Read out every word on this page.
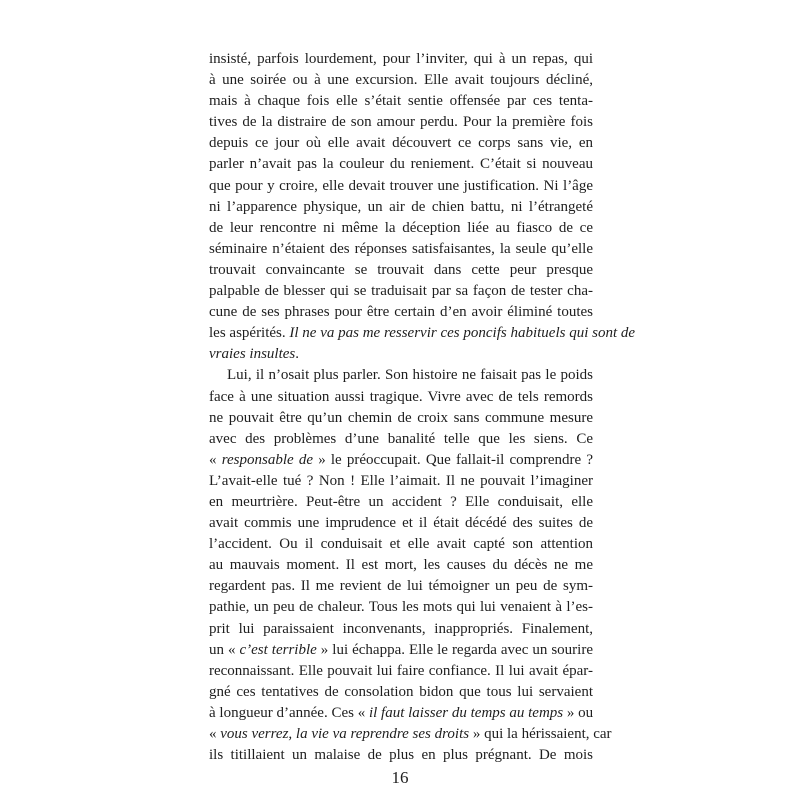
insisté, parfois lourdement, pour l’inviter, qui à un repas, qui
à une soirée ou à une excursion. Elle avait toujours décliné,
mais à chaque fois elle s’était sentie offensée par ces tenta-
tives de la distraire de son amour perdu. Pour la première fois
depuis ce jour où elle avait découvert ce corps sans vie, en
parler n’avait pas la couleur du reniement. C’était si nouveau
que pour y croire, elle devait trouver une justification. Ni l’âge
ni l’apparence physique, un air de chien battu, ni l’étrangeté
de leur rencontre ni même la déception liée au fiasco de ce
séminaire n’étaient des réponses satisfaisantes, la seule qu’elle
trouvait convaincante se trouvait dans cette peur presque
palpable de blesser qui se traduisait par sa façon de tester cha-
cune de ses phrases pour être certain d’en avoir éliminé toutes
les aspérités. Il ne va pas me resservir ces poncifs habituels qui sont de
vraies insultes.
Lui, il n’osait plus parler. Son histoire ne faisait pas le poids
face à une situation aussi tragique. Vivre avec de tels remords
ne pouvait être qu’un chemin de croix sans commune mesure
avec des problèmes d’une banalité telle que les siens. Ce
« responsable de » le préoccupait. Que fallait-il comprendre ?
L’avait-elle tué ? Non ! Elle l’aimait. Il ne pouvait l’imaginer
en meurtrière. Peut-être un accident ? Elle conduisait, elle
avait commis une imprudence et il était décédé des suites de
l’accident. Ou il conduisait et elle avait capté son attention
au mauvais moment. Il est mort, les causes du décès ne me
regardent pas. Il me revient de lui témoigner un peu de sym-
pathie, un peu de chaleur. Tous les mots qui lui venaient à l’es-
prit lui paraissaient inconvenants, inappropriés. Finalement,
un « c’est terrible » lui échappa. Elle le regarda avec un sourire
reconnaissant. Elle pouvait lui faire confiance. Il lui avait épar-
gné ces tentatives de consolation bidon que tous lui servaient
à longueur d’année. Ces « il faut laisser du temps au temps » ou
« vous verrez, la vie va reprendre ses droits » qui la hérissaient, car
ils titillaient un malaise de plus en plus prégnant. De mois
16
